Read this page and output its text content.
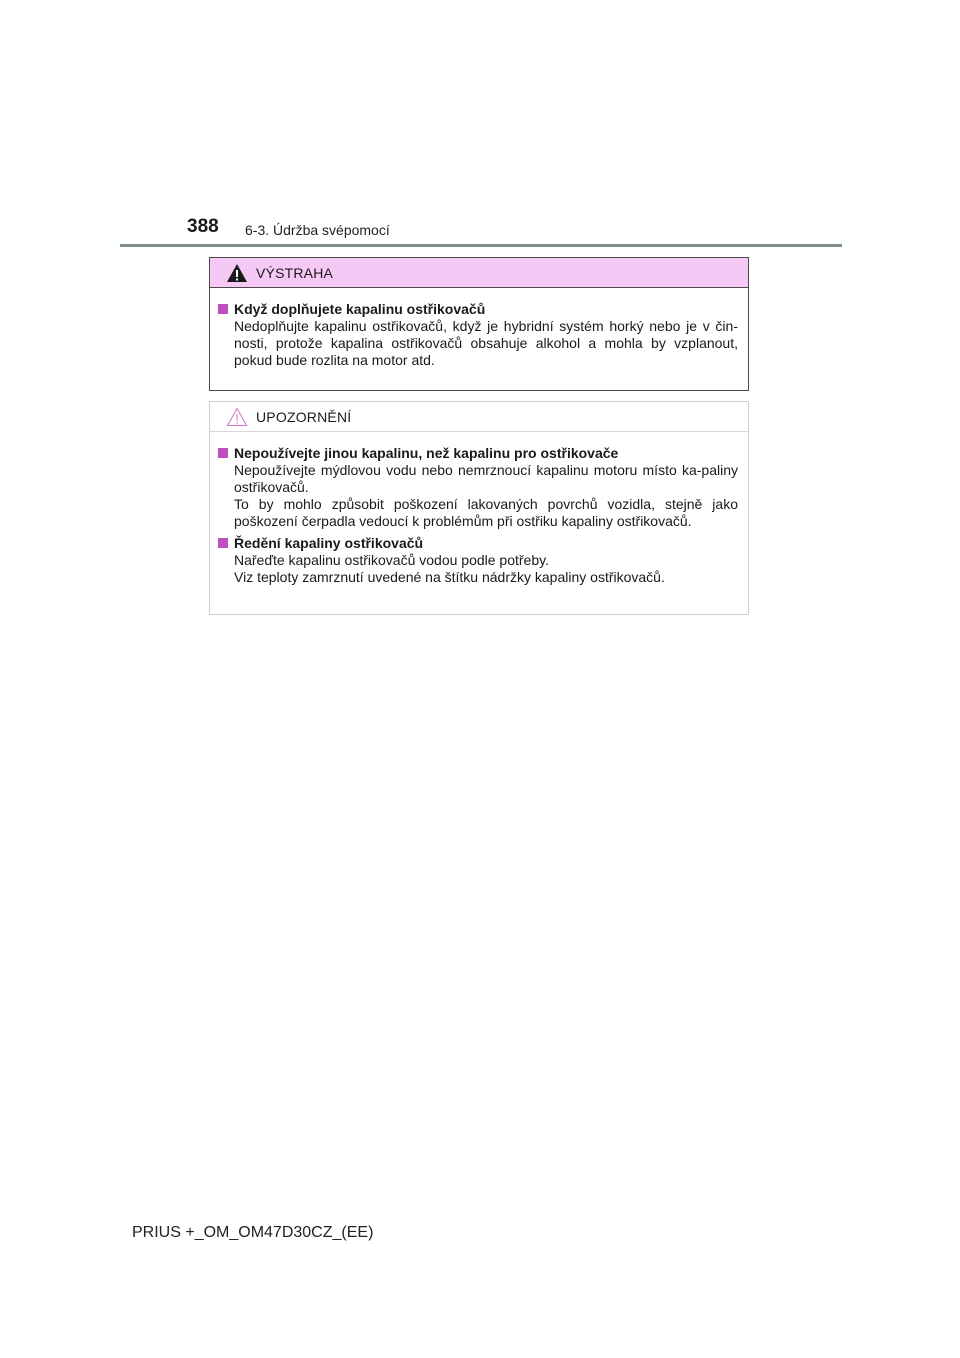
388 6-3. Údržba svépomocí
VÝSTRAHA
Když doplňujete kapalinu ostřikovačů

Nedoplňujte kapalinu ostřikovačů, když je hybridní systém horký nebo je v čin-nosti, protože kapalina ostřikovačů obsahuje alkohol a mohla by vzplanout, pokud bude rozlita na motor atd.

UPOZORNĚNÍ
Nepoužívejte jinou kapalinu, než kapalinu pro ostřikovače

Nepoužívejte mýdlovou vodu nebo nemrznoucí kapalinu motoru místo ka-paliny ostřikovačů.

To by mohlo způsobit poškození lakovaných povrchů vozidla, stejně jako poškození čerpadla vedoucí k problémům při ostřiku kapaliny ostřikovačů.

Ředění kapaliny ostřikovačů

Nařeďte kapalinu ostřikovačů vodou podle potřeby.

Viz teploty zamrznutí uvedené na štítku nádržky kapaliny ostřikovačů.

PRIUS +_OM_OM47D30CZ_(EE)
